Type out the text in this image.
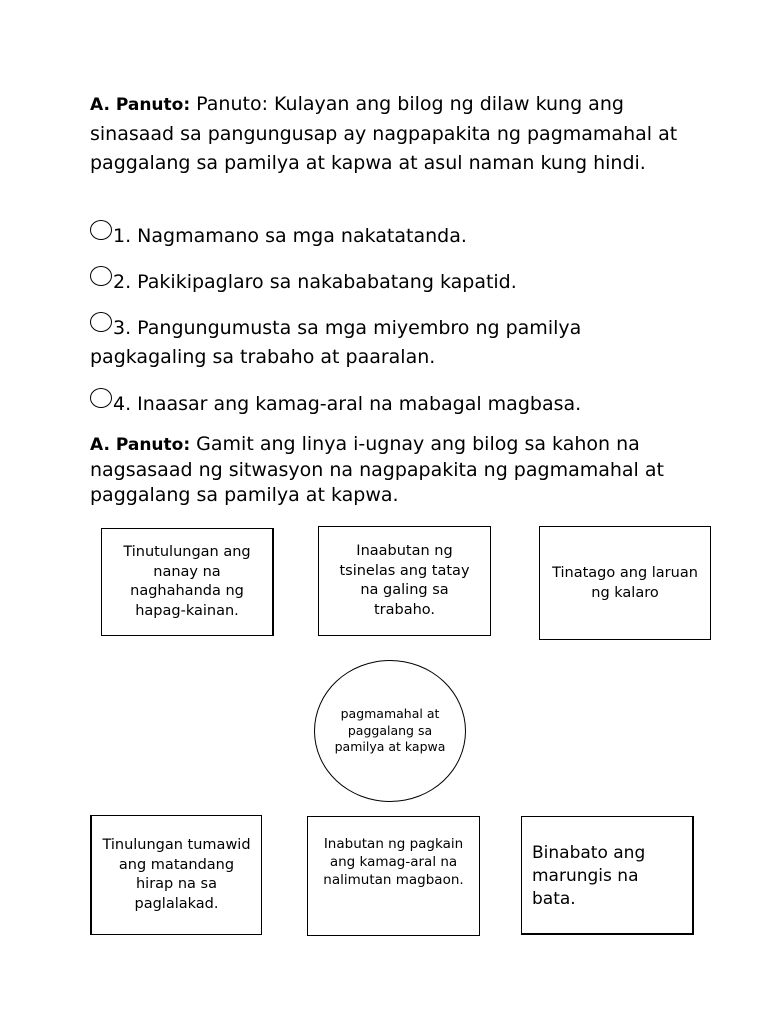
A. Panuto: Panuto: Kulayan ang bilog ng dilaw kung ang sinasaad sa pangungusap ay nagpapakita ng pagmamahal at paggalang sa pamilya at kapwa at asul naman kung hindi.
1. Nagmamano sa mga nakatatanda.
2. Pakikipaglaro sa nakababatang kapatid.
3. Pangungumusta sa mga miyembro ng pamilya pagkagaling sa trabaho at paaralan.
4. Inaasar ang kamag-aral na mabagal magbasa.
A. Panuto: Gamit ang linya i-ugnay ang bilog sa kahon na nagsasaad ng sitwasyon na nagpapakita ng pagmamahal at paggalang sa pamilya at kapwa.
Tinutulungan ang nanay na naghahanda ng hapag-kainan.
Inaabutan ng tsinelas ang tatay na galing sa trabaho.
Tinatago ang laruan ng kalaro
pagmamahal at paggalang sa pamilya at kapwa
Tinulungan tumawid ang matandang hirap na sa paglalakad.
Inabutan ng pagkain ang kamag-aral na nalimutan magbaon.
Binabato ang marungis na bata.
